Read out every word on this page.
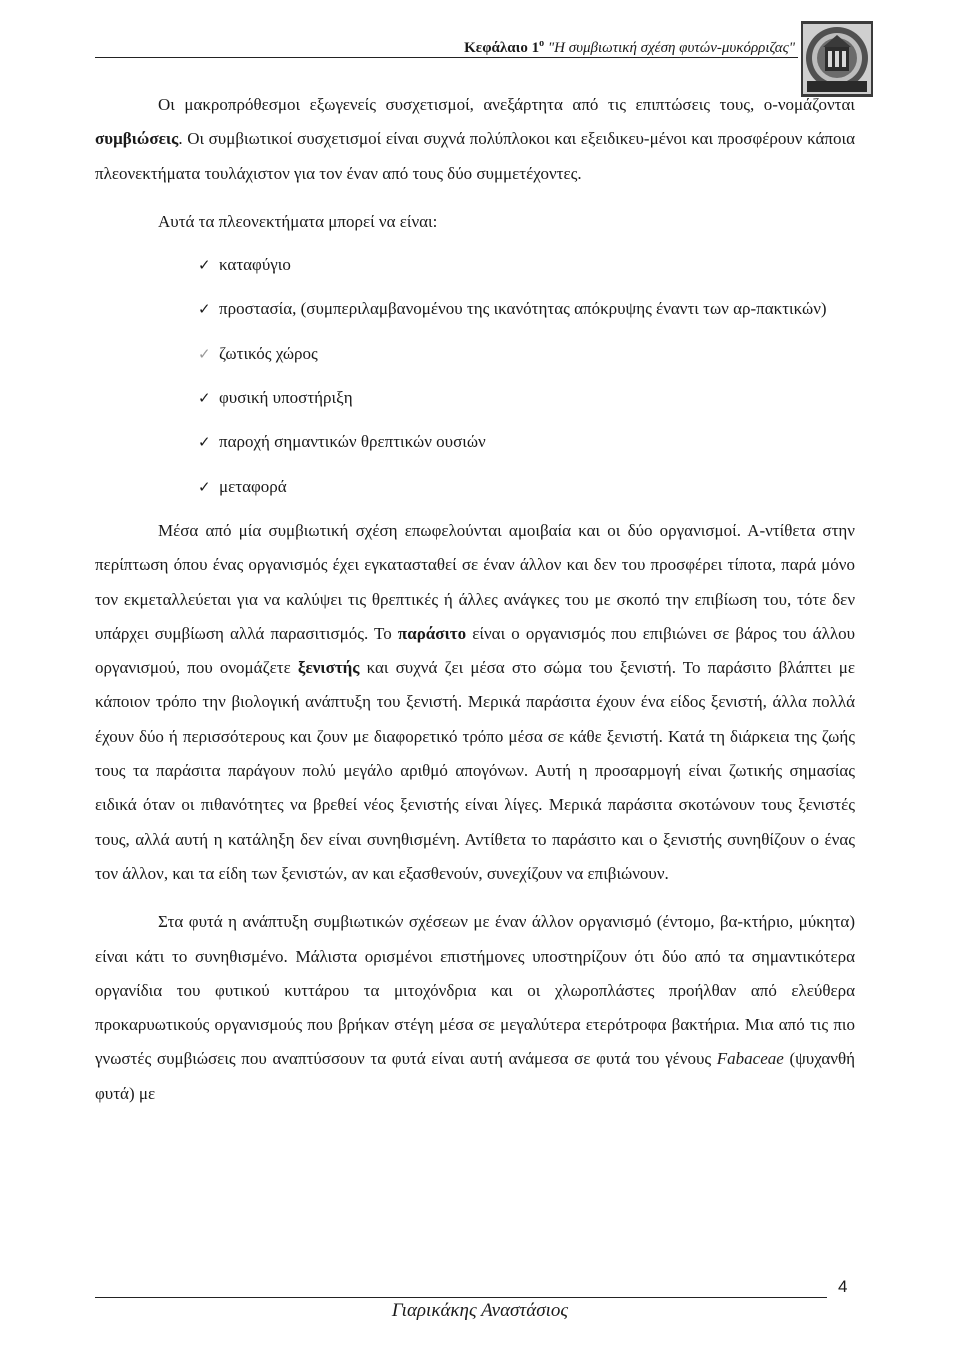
Κεφάλαιο $1^o$ "Η συμβιωτική σχέση φυτών-μυκόρριζας"

Οι μακροπρόθεσμοι εξωγενείς συσχετισμοί, ανεξάρτητα από τις επιπτώσεις τους, ο-νομάζονται συμβιώσεις. Οι συμβιωτικοί συσχετισμοί είναι συχνά πολύπλοκοι και εξειδικευ-μένοι και προσφέρουν κάποια πλεονεκτήματα τουλάχιστον για τον έναν από τους δύο συμμετέχοντες.

Αυτά τα πλεονεκτήματα μπορεί να είναι:

✓ καταφύγιο
✓ προστασία, (συμπεριλαμβανομένου της ικανότητας απόκρυψης έναντι των αρ-πακτικών)
✓ ζωτικός χώρος
✓ φυσική υποστήριξη
✓ παροχή σημαντικών θρεπτικών ουσιών
✓ μεταφορά

Μέσα από μία συμβιωτική σχέση επωφελούνται αμοιβαία και οι δύο οργανισμοί. Α-ντίθετα στην περίπτωση όπου ένας οργανισμός έχει εγκατασταθεί σε έναν άλλον και δεν του προσφέρει τίποτα, παρά μόνο τον εκμεταλλεύεται για να καλύψει τις θρεπτικές ή άλλες ανάγκες του με σκοπό την επιβίωση του, τότε δεν υπάρχει συμβίωση αλλά παρασιτισμός. Το παράσιτο είναι ο οργανισμός που επιβιώνει σε βάρος του άλλου οργανισμού, που ονομάζετε ξενιστής και συχνά ζει μέσα στο σώμα του ξενιστή. Το παράσιτο βλάπτει με κάποιον τρόπο την βιολογική ανάπτυξη του ξενιστή. Μερικά παράσιτα έχουν ένα είδος ξενιστή, άλλα πολλά έχουν δύο ή περισσότερους και ζουν με διαφορετικό τρόπο μέσα σε κάθε ξενιστή. Κατά τη διάρκεια της ζωής τους τα παράσιτα παράγουν πολύ μεγάλο αριθμό απογόνων. Αυτή η προσαρμογή είναι ζωτικής σημασίας ειδικά όταν οι πιθανότητες να βρεθεί νέος ξενιστής είναι λίγες. Μερικά παράσιτα σκοτώνουν τους ξενιστές τους, αλλά αυτή η κατάληξη δεν είναι συνηθισμένη. Αντίθετα το παράσιτο και ο ξενιστής συνηθίζουν ο ένας τον άλλον, και τα είδη των ξενιστών, αν και εξασθενούν, συνεχίζουν να επιβιώνουν.

Στα φυτά η ανάπτυξη συμβιωτικών σχέσεων με έναν άλλον οργανισμό (έντομο, βα-κτήριο, μύκητα) είναι κάτι το συνηθισμένο. Μάλιστα ορισμένοι επιστήμονες υποστηρίζουν ότι δύο από τα σημαντικότερα οργανίδια του φυτικού κυττάρου τα μιτοχόνδρια και οι χλωροπλάστες προήλθαν από ελεύθερα προκαρυωτικούς οργανισμούς που βρήκαν στέγη μέσα σε μεγαλύτερα ετερότροφα βακτήρια. Μια από τις πιο γνωστές συμβιώσεις που αναπτύσσουν τα φυτά είναι αυτή ανάμεσα σε φυτά του γένους Fabaceae (ψυχανθή φυτά) με

4
Γιαρικάκης Αναστάσιος
